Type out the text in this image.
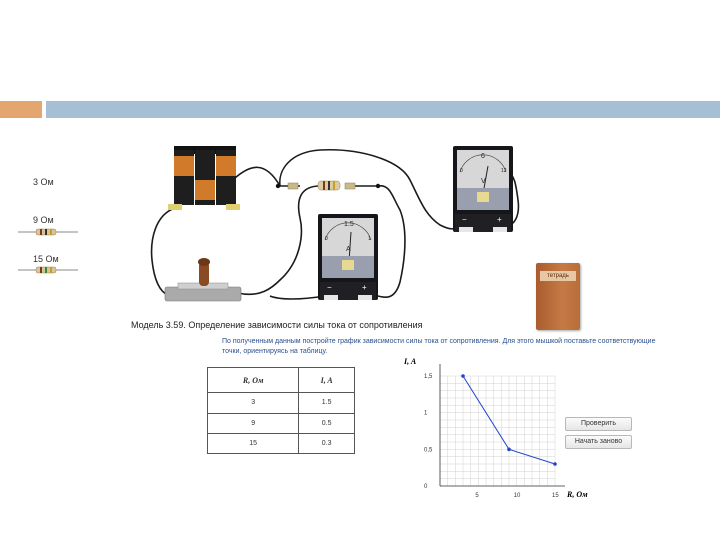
3 Ом
9 Ом
15 Ом
1.5
A
0	1
−	+
6
V
0	12
−	+
тетрадь
Модель 3.59. Определение зависимости силы тока от сопротивления
По полученным данным постройте график зависимости силы тока от сопротивления. Для этого мышкой поставьте соответствующие точки, ориентируясь на таблицу.
R, Ом	I, A
3	1.5
9	0.5
15	0.3
5	10	15
1,5
1
0,5
0
I, A
R, Ом
Проверить
Начать заново
